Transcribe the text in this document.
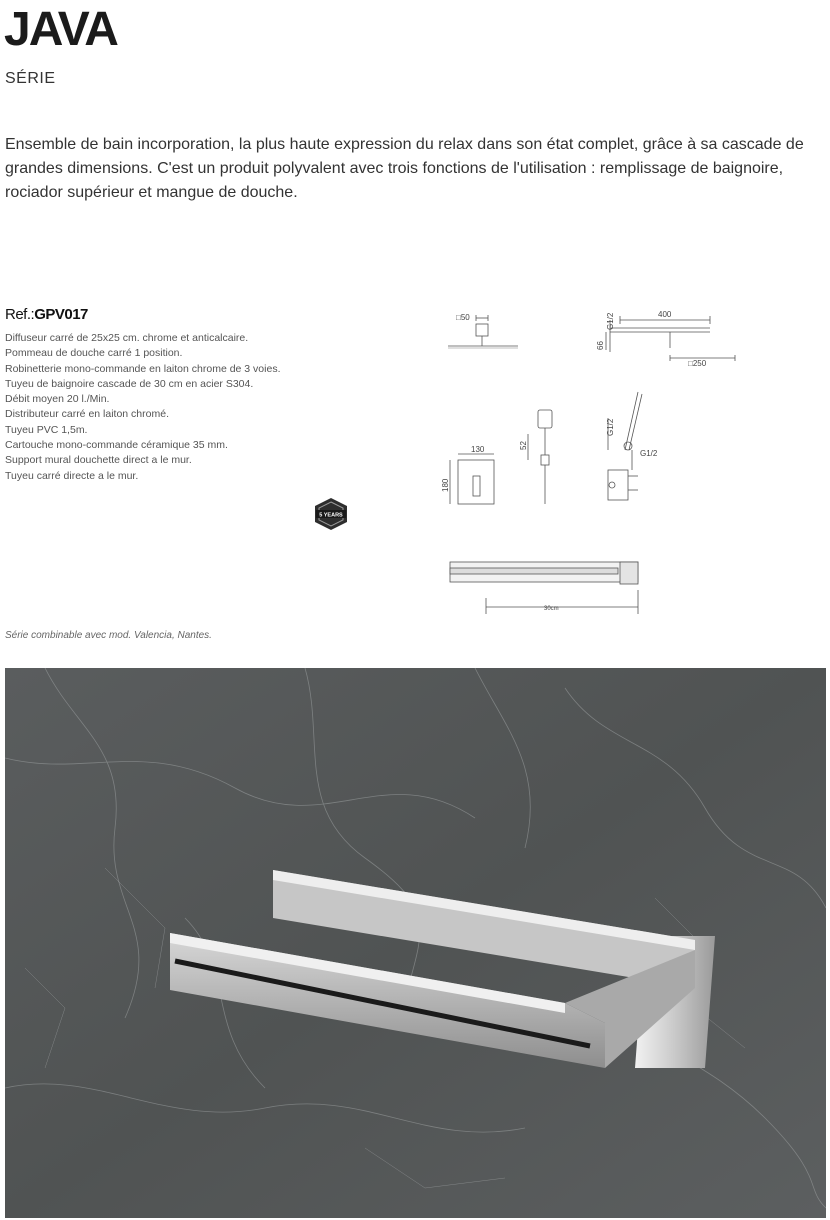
JAVA
SÉRIE
Ensemble de bain incorporation, la plus haute expression du relax dans son état complet, grâce à sa cascade de grandes dimensions. C'est un produit polyvalent avec trois fonctions de l'utilisation : remplissage de baignoire, rociador supérieur et mangue de douche.
Ref.:GPV017
Diffuseur carré de 25x25 cm. chrome et anticalcaire.
Pommeau de douche carré 1 position.
Robinetterie mono-commande en laiton chrome de 3 voies.
Tuyeu de baignoire cascade de 30 cm en acier S304.
Débit moyen 20 l./Min.
Distributeur carré en laiton chromé.
Tuyeu PVC 1,5m.
Cartouche mono-commande céramique 35 mm.
Support mural douchette direct a le mur.
Tuyeu carré directe a le mur.
5 YEARS
□50	400
G1/2
66
□250
52
130
180
G1/2
G1/2
30cm
Série combinable avec mod. Valencia, Nantes.
